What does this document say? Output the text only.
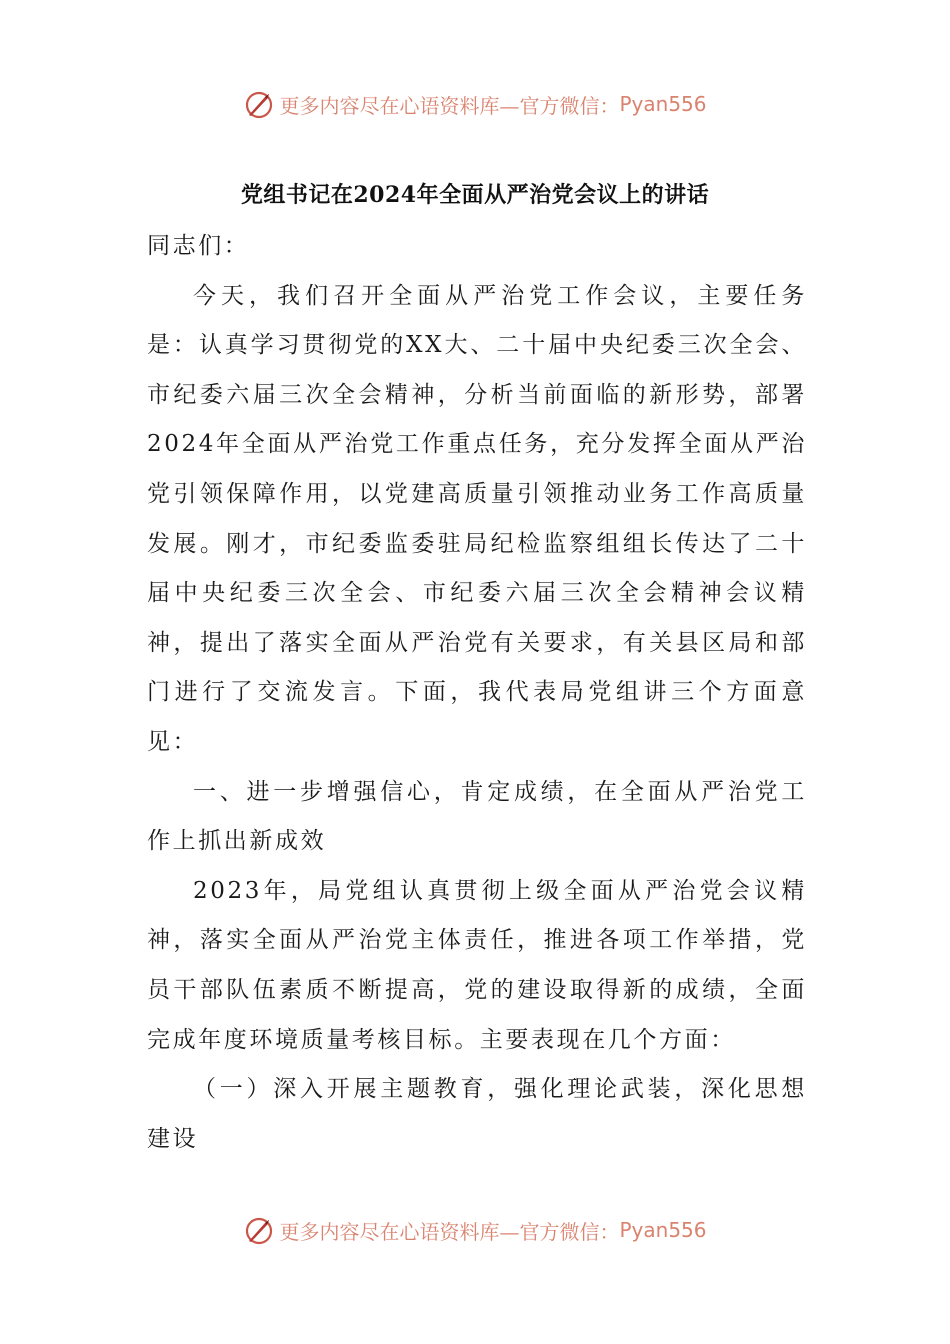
更多内容尽在心语资料库—官方微信： Pyan556
党组书记在2024年全面从严治党会议上的讲话

同志们：

今天，我们召开全面从严治党工作会议，主要任务是：认真学习贯彻党的XX大、二十届中央纪委三次全会、市纪委六届三次全会精神，分析当前面临的新形势，部署2024年全面从严治党工作重点任务，充分发挥全面从严治党引领保障作用，以党建高质量引领推动业务工作高质量发展。刚才，市纪委监委驻局纪检监察组组长传达了二十届中央纪委三次全会、市纪委六届三次全会精神会议精神，提出了落实全面从严治党有关要求，有关县区局和部门进行了交流发言。下面，我代表局党组讲三个方面意见：

一、进一步增强信心，肯定成绩，在全面从严治党工作上抓出新成效

2023年，局党组认真贯彻上级全面从严治党会议精神，落实全面从严治党主体责任，推进各项工作举措，党员干部队伍素质不断提高，党的建设取得新的成绩，全面完成年度环境质量考核目标。主要表现在几个方面：

（一）深入开展主题教育，强化理论武装，深化思想建设

更多内容尽在心语资料库—官方微信： Pyan556
